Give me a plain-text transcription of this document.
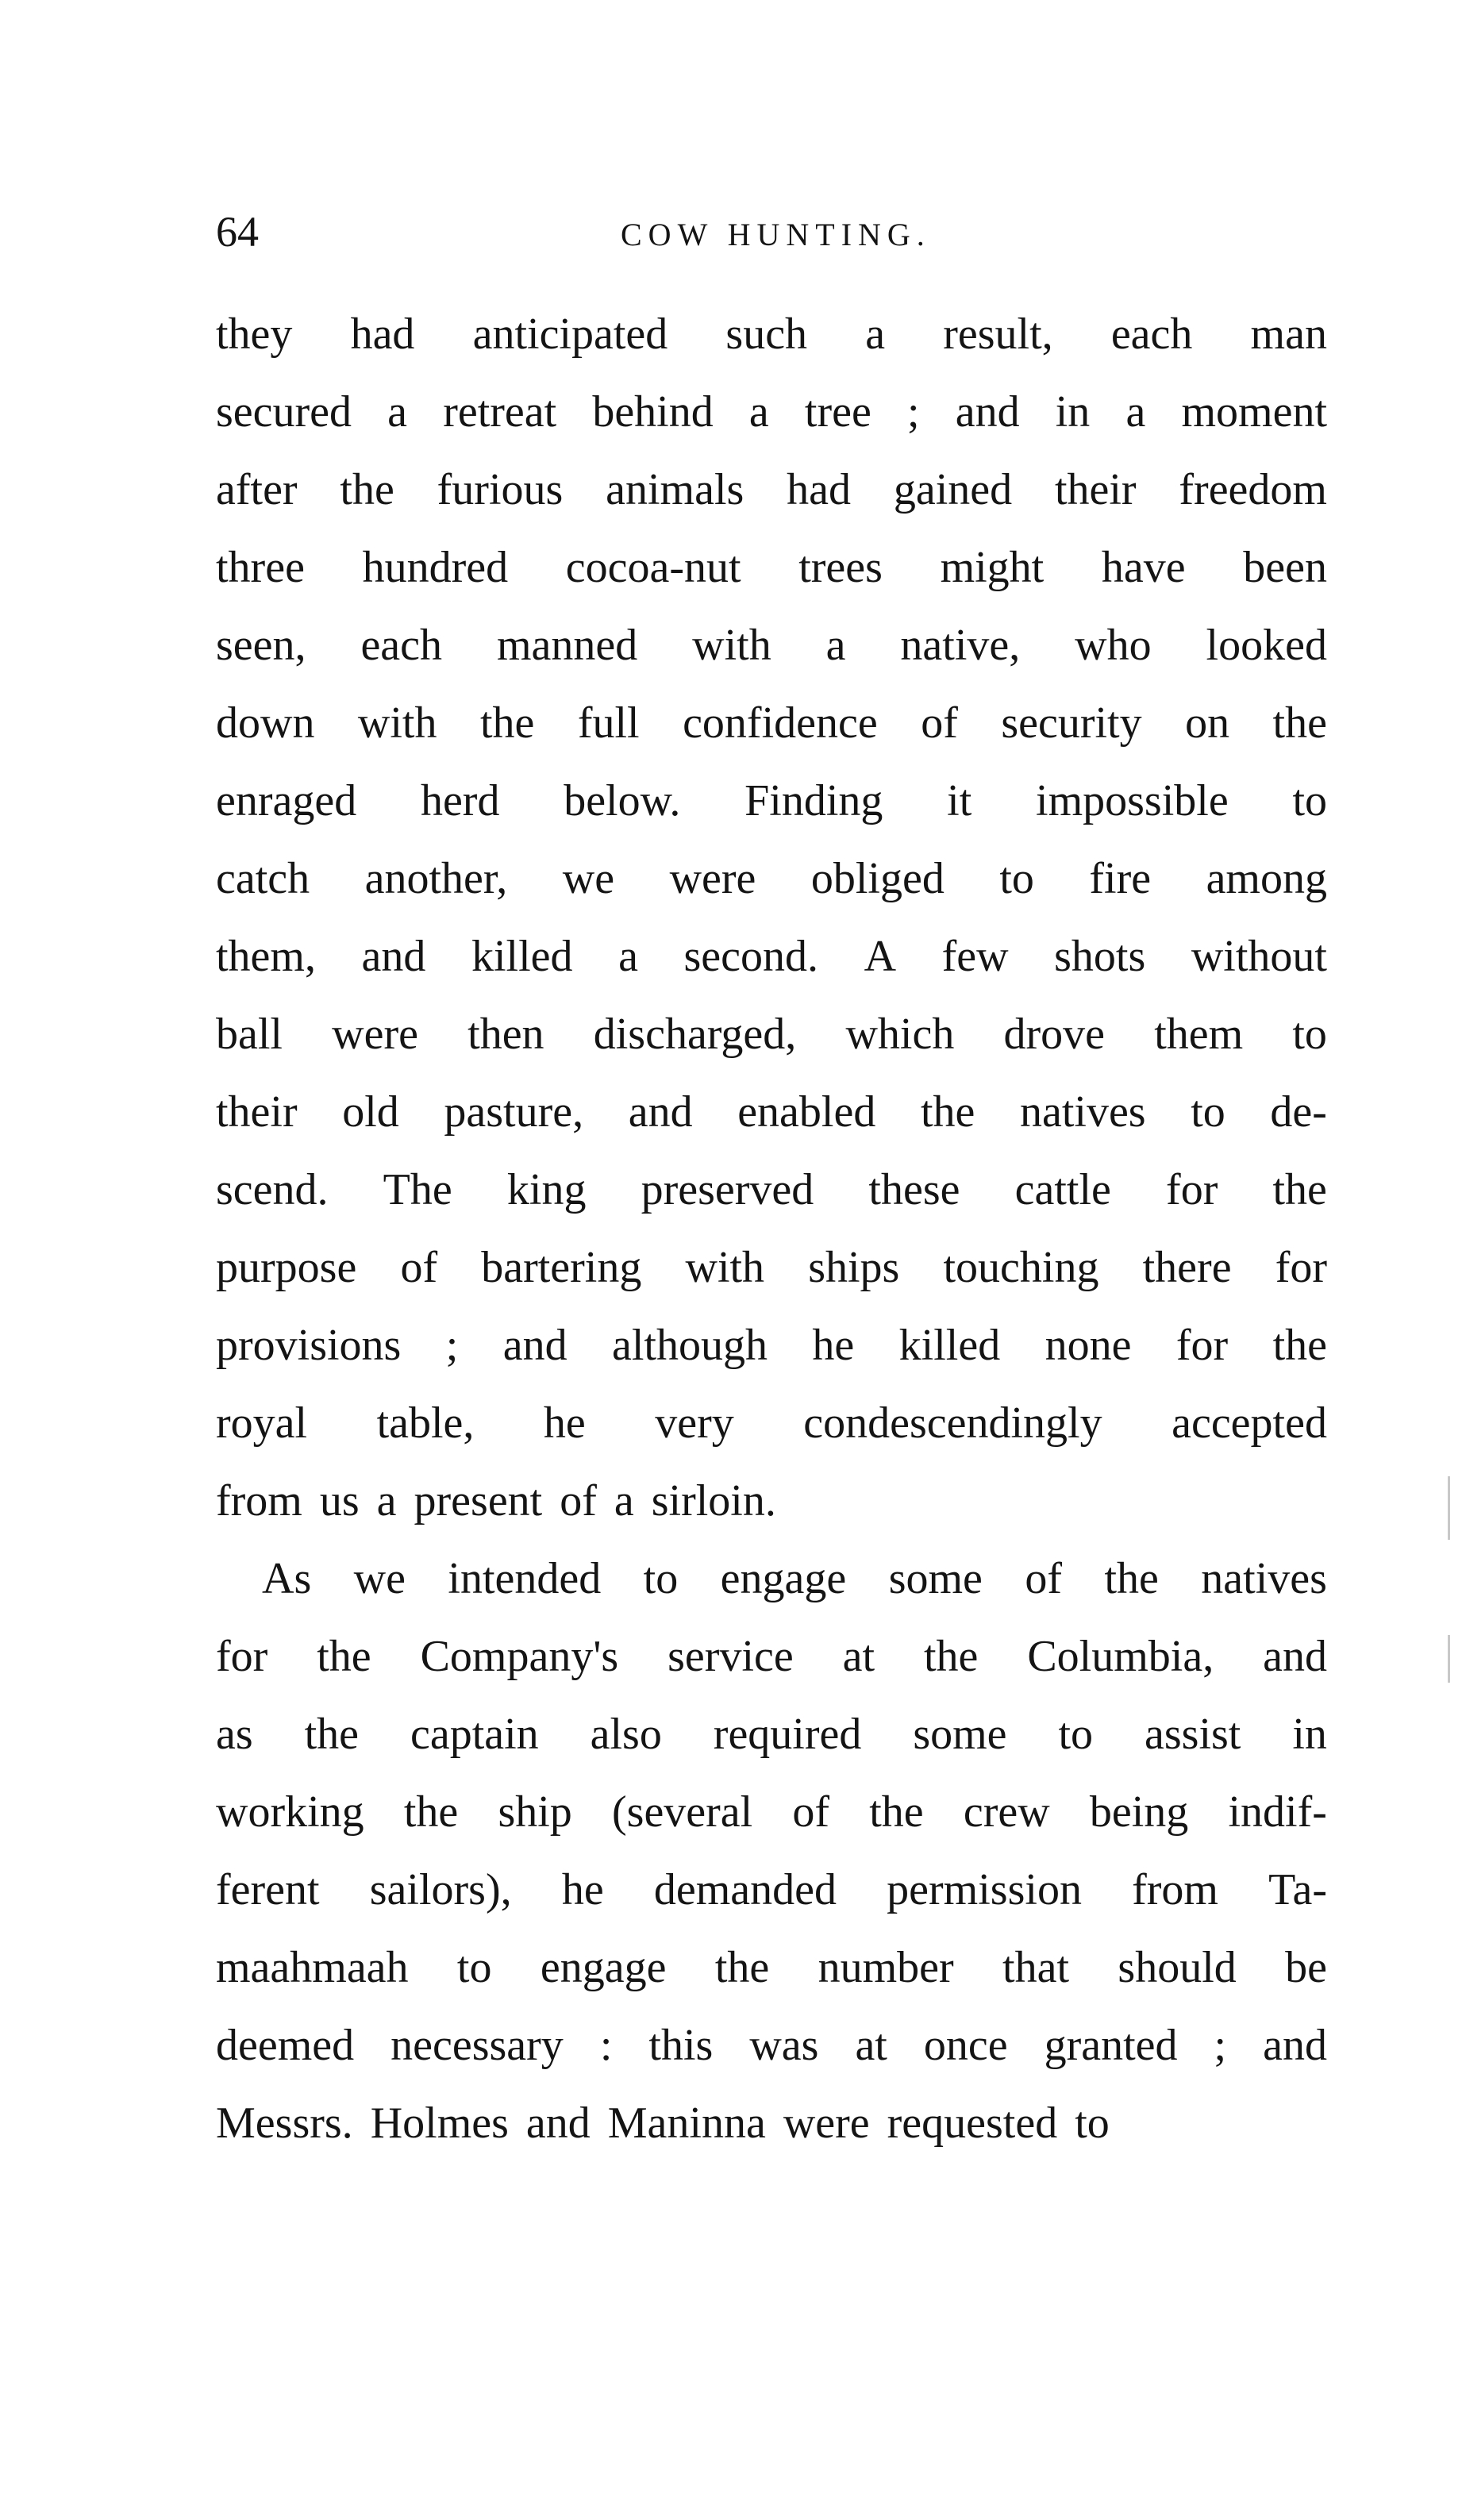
64	COW HUNTING.
they had anticipated such a result, each man
secured a retreat behind a tree ; and in a moment
after the furious animals had gained their freedom
three hundred cocoa-nut trees might have been
seen, each manned with a native, who looked
down with the full confidence of security on the
enraged herd below. Finding it impossible to
catch another, we were obliged to fire among
them, and killed a second. A few shots without
ball were then discharged, which drove them to
their old pasture, and enabled the natives to de-
scend. The king preserved these cattle for the
purpose of bartering with ships touching there for
provisions ; and although he killed none for the
royal table, he very condescendingly accepted
from us a present of a sirloin.
As we intended to engage some of the natives
for the Company's service at the Columbia, and
as the captain also required some to assist in
working the ship (several of the crew being indif-
ferent sailors), he demanded permission from Ta-
maahmaah to engage the number that should be
deemed necessary : this was at once granted ; and
Messrs. Holmes and Maninna were requested to
